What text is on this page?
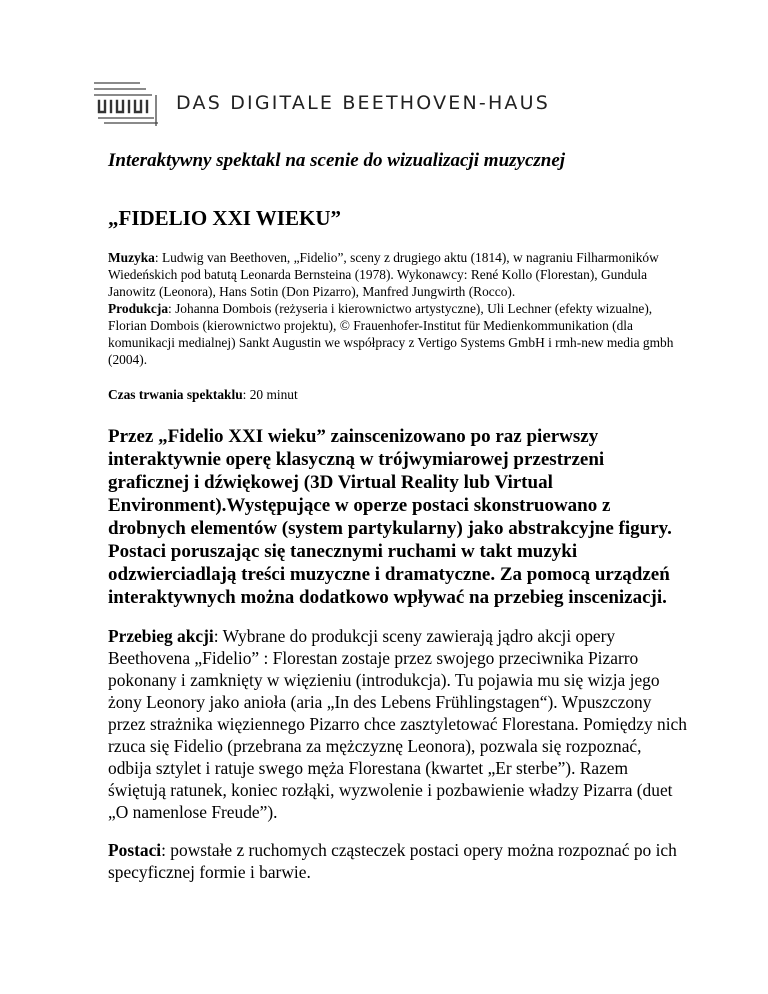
DAS DIGITALE BEETHOVEN-HAUS

Interaktywny spektakl na scenie do wizualizacji muzycznej

„FIDELIO XXI WIEKU”

Muzyka: Ludwig van Beethoven, „Fidelio”, sceny z drugiego aktu (1814), w nagraniu Filharmoników Wiedeńskich pod batutą Leonarda Bernsteina (1978). Wykonawcy: René Kollo (Florestan), Gundula Janowitz (Leonora), Hans Sotin (Don Pizarro), Manfred Jungwirth (Rocco).

Produkcja: Johanna Dombois (reżyseria i kierownictwo artystyczne), Uli Lechner (efekty wizualne), Florian Dombois (kierownictwo projektu), © Frauenhofer-Institut für Medienkommunikation (dla komunikacji medialnej) Sankt Augustin we współpracy z Vertigo Systems GmbH i rmh-new media gmbh (2004).

Czas trwania spektaklu: 20 minut

Przez „Fidelio XXI wieku” zainscenizowano po raz pierwszy interaktywnie operę klasyczną w trójwymiarowej przestrzeni graficznej i dźwiękowej (3D Virtual Reality lub Virtual Environment).Występujące w operze postaci skonstruowano z drobnych elementów (system partykularny) jako abstrakcyjne figury. Postaci poruszając się tanecznymi ruchami w takt muzyki odzwierciadlają treści muzyczne i dramatyczne. Za pomocą urządzeń interaktywnych można dodatkowo wpływać na przebieg inscenizacji.

Przebieg akcji: Wybrane do produkcji sceny zawierają jądro akcji opery Beethovena „Fidelio” : Florestan zostaje przez swojego przeciwnika Pizarro pokonany i zamknięty w więzieniu (introdukcja). Tu pojawia mu się wizja jego żony Leonory jako anioła (aria „In des Lebens Frühlingstagen“). Wpuszczony przez strażnika więziennego Pizarro chce zasztyletować Florestana. Pomiędzy nich rzuca się Fidelio (przebrana za mężczyznę Leonora), pozwala się rozpoznać, odbija sztylet i ratuje swego męża Florestana (kwartet „Er sterbe”). Razem świętują ratunek, koniec rozłąki, wyzwolenie i pozbawienie władzy Pizarra (duet „O namenlose Freude”).

Postaci: powstałe z ruchomych cząsteczek postaci opery można rozpoznać po ich specyficznej formie i barwie.
